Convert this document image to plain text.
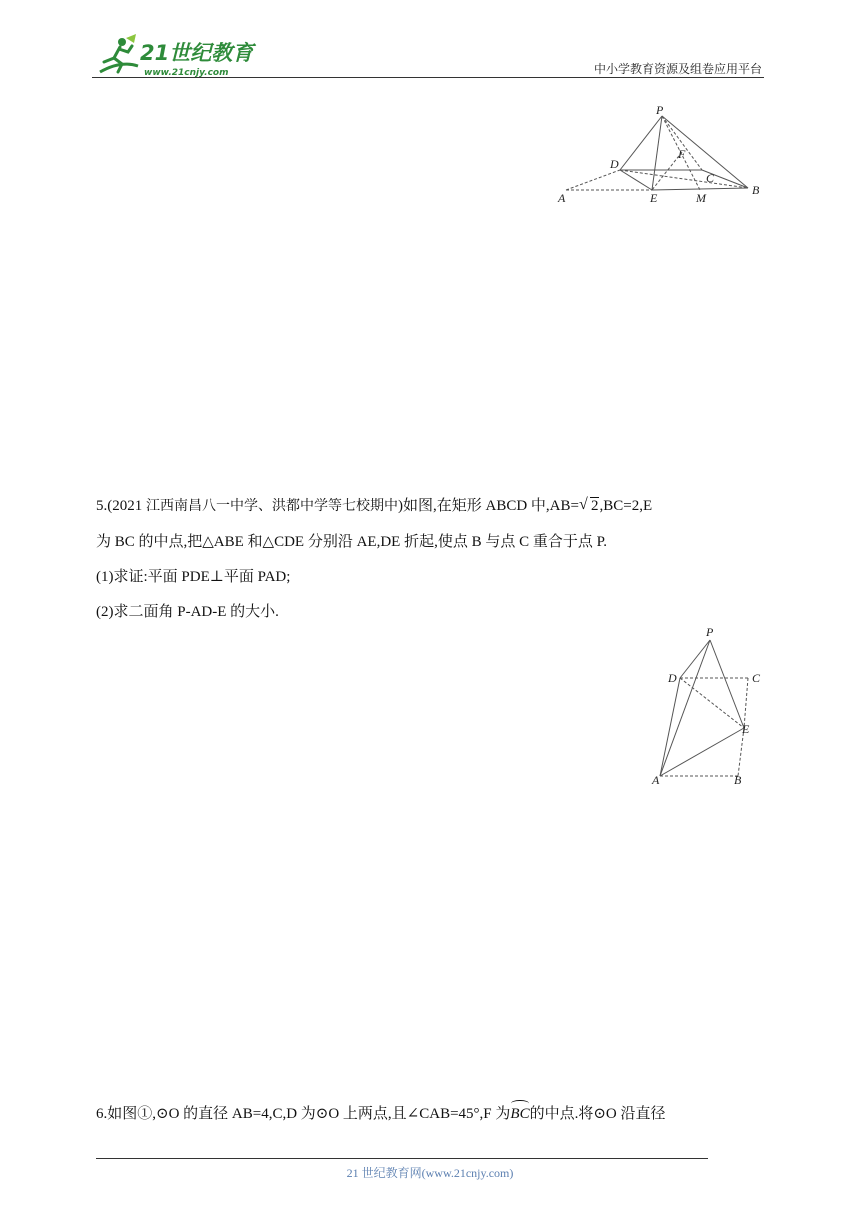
21世纪教育
www.21cnjy.com	中小学教育资源及组卷应用平台
P
D
F
C
A	E	M
B
5.(2021 江西南昌八一中学、洪都中学等七校期中)如图,在矩形 ABCD 中,AB= √ 2,BC=2,E
为 BC 的中点,把△ABE 和△CDE 分别沿 AE,DE 折起,使点 B 与点 C 重合于点 P.
(1)求证:平面 PDE⊥平面 PAD;
(2)求二面角 P-AD-E 的大小.
P
D	C
E
A	B
6.如图①,⊙O 的直径 AB=4,C,D 为⊙O 上两点,且∠CAB=45°,F 为
BC的中点.将⊙O 沿直径
21 世纪教育网(www.21cnjy.com)
